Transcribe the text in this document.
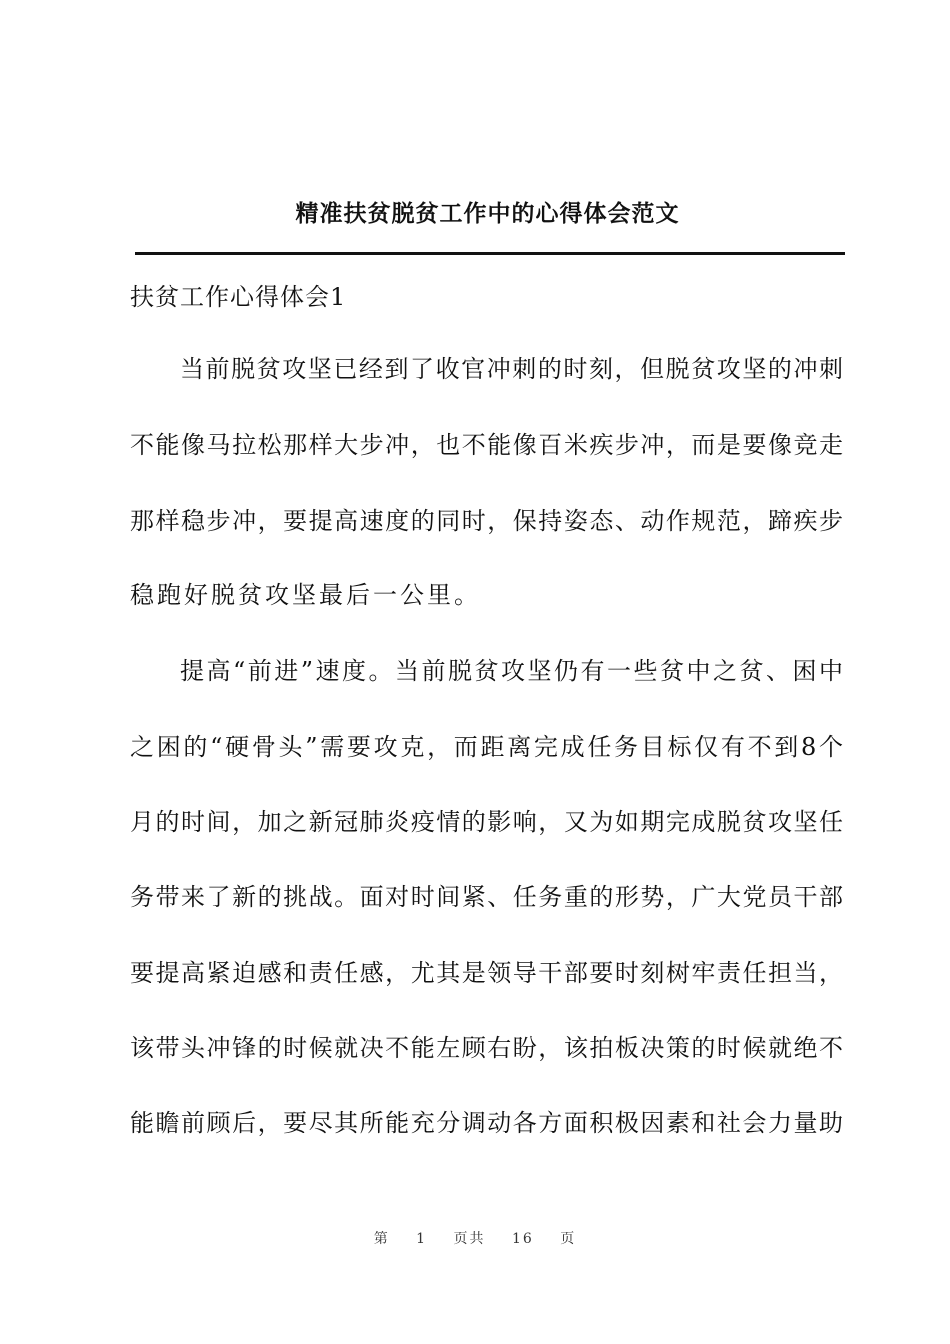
精准扶贫脱贫工作中的心得体会范文
扶贫工作心得体会1
当前脱贫攻坚已经到了收官冲刺的时刻，但脱贫攻坚的冲刺
不能像马拉松那样大步冲，也不能像百米疾步冲，而是要像竞走
那样稳步冲，要提高速度的同时，保持姿态、动作规范，蹄疾步
稳跑好脱贫攻坚最后一公里。
提高“前进”速度。当前脱贫攻坚仍有一些贫中之贫、困中
之困的“硬骨头”需要攻克，而距离完成任务目标仅有不到8个
月的时间，加之新冠肺炎疫情的影响，又为如期完成脱贫攻坚任
务带来了新的挑战。面对时间紧、任务重的形势，广大党员干部
要提高紧迫感和责任感，尤其是领导干部要时刻树牢责任担当，
该带头冲锋的时候就决不能左顾右盼，该拍板决策的时候就绝不
能瞻前顾后，要尽其所能充分调动各方面积极因素和社会力量助
第 1 页共 16 页
